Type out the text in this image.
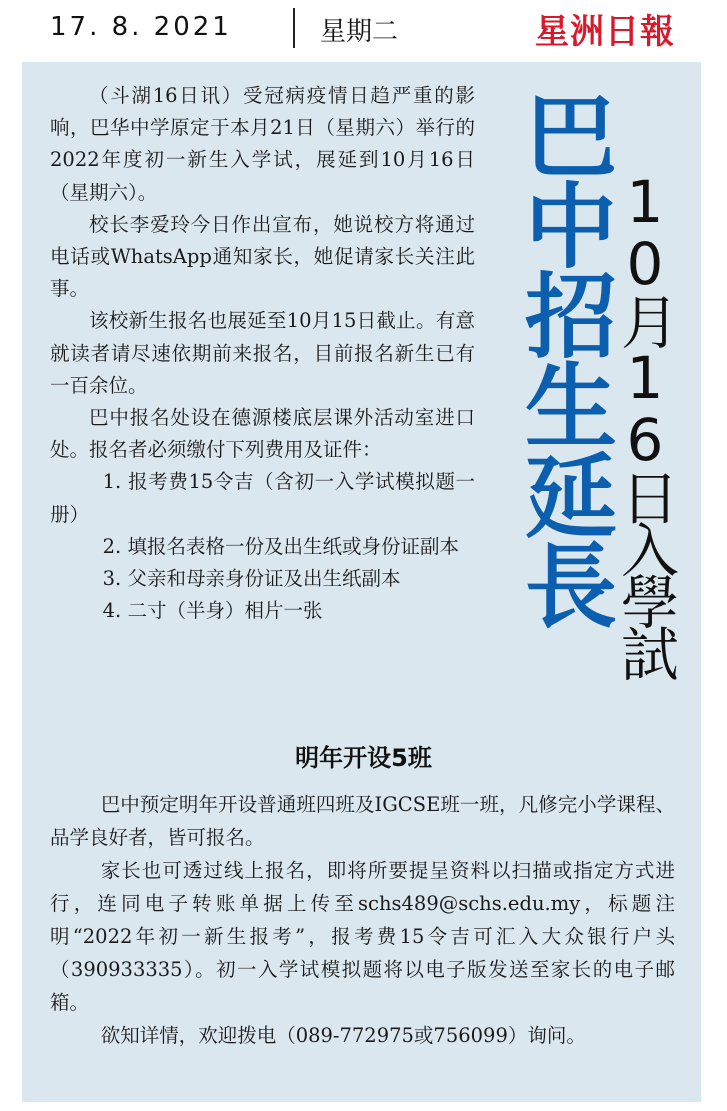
17. 8. 2021	星期二	星洲日報

（斗湖16日讯）受冠病疫情日趋严重的影响，巴华中学原定于本月21日（星期六）举行的2022年度初一新生入学试，展延到10月16日（星期六）。

校长李爱玲今日作出宣布，她说校方将通过电话或WhatsApp通知家长，她促请家长关注此事。

该校新生报名也展延至10月15日截止。有意就读者请尽速依期前来报名，目前报名新生已有一百余位。

巴中报名处设在德源楼底层课外活动室进口处。报名者必须缴付下列费用及证件：

1. 报考费15令吉（含初一入学试模拟题一册）

2. 填报名表格一份及出生纸或身份证副本

3. 父亲和母亲身份证及出生纸副本

4. 二寸（半身）相片一张	巴中招生延長
10月16日入學試
明年开设5班

巴中预定明年开设普通班四班及IGCSE班一班，凡修完小学课程、品学良好者，皆可报名。

家长也可透过线上报名，即将所要提呈资料以扫描或指定方式进行，连同电子转账单据上传至schs489@schs.edu.my，标题注明“2022年初一新生报考”，报考费15令吉可汇入大众银行户头（390933335）。初一入学试模拟题将以电子版发送至家长的电子邮箱。

欲知详情，欢迎拨电（089-772975或756099）询问。
